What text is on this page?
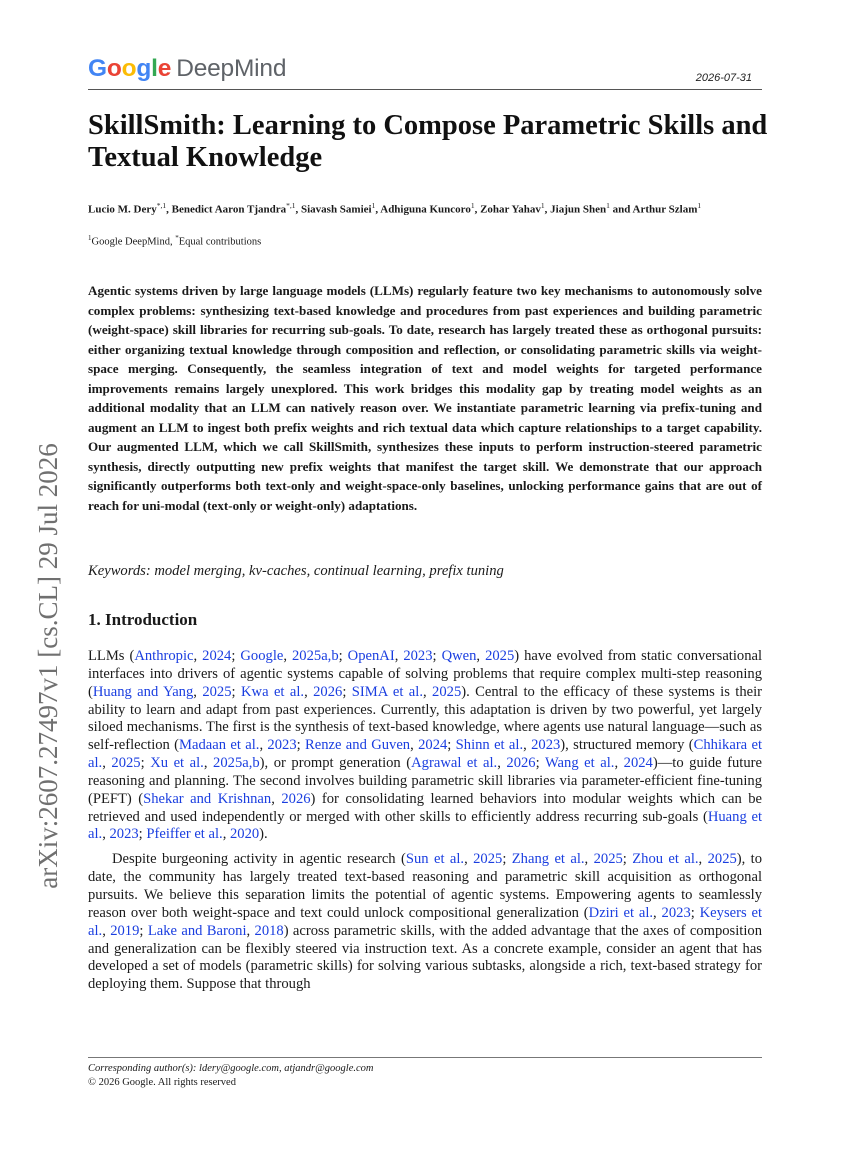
Google DeepMind	2026-07-31
arXiv:2607.27497v1 [cs.CL] 29 Jul 2026
SkillSmith: Learning to Compose Parametric Skills and Textual Knowledge
Lucio M. Dery$^{*,1}$, Benedict Aaron Tjandra$^{*,1}$, Siavash Samiei$^1$, Adhiguna Kuncoro$^1$, Zohar Yahav$^1$, Jiajun Shen$^1$ and Arthur Szlam$^1$
$^1$Google DeepMind, *Equal contributions

Agentic systems driven by large language models (LLMs) regularly feature two key mechanisms to autonomously solve complex problems: synthesizing text-based knowledge and procedures from past experiences and building parametric (weight-space) skill libraries for recurring sub-goals. To date, research has largely treated these as orthogonal pursuits: either organizing textual knowledge through composition and reflection, or consolidating parametric skills via weight-space merging. Consequently, the seamless integration of text and model weights for targeted performance improvements remains largely unexplored. This work bridges this modality gap by treating model weights as an additional modality that an LLM can natively reason over. We instantiate parametric learning via prefix-tuning and augment an LLM to ingest both prefix weights and rich textual data which capture relationships to a target capability. Our augmented LLM, which we call SkillSmith, synthesizes these inputs to perform instruction-steered parametric synthesis, directly outputting new prefix weights that manifest the target skill. We demonstrate that our approach significantly outperforms both text-only and weight-space-only baselines, unlocking performance gains that are out of reach for uni-modal (text-only or weight-only) adaptations.

Keywords: model merging, kv-caches, continual learning, prefix tuning
1. Introduction

LLMs (Anthropic, 2024; Google, 2025a,b; OpenAI, 2023; Qwen, 2025) have evolved from static conversational interfaces into drivers of agentic systems capable of solving problems that require complex multi-step reasoning (Huang and Yang, 2025; Kwa et al., 2026; SIMA et al., 2025). Central to the efficacy of these systems is their ability to learn and adapt from past experiences. Currently, this adaptation is driven by two powerful, yet largely siloed mechanisms. The first is the synthesis of text-based knowledge, where agents use natural language—such as self-reflection (Madaan et al., 2023; Renze and Guven, 2024; Shinn et al., 2023), structured memory (Chhikara et al., 2025; Xu et al., 2025a,b), or prompt generation (Agrawal et al., 2026; Wang et al., 2024)—to guide future reasoning and planning. The second involves building parametric skill libraries via parameter-efficient fine-tuning (PEFT) (Shekar and Krishnan, 2026) for consolidating learned behaviors into modular weights which can be retrieved and used independently or merged with other skills to efficiently address recurring sub-goals (Huang et al., 2023; Pfeiffer et al., 2020).

Despite burgeoning activity in agentic research (Sun et al., 2025; Zhang et al., 2025; Zhou et al., 2025), to date, the community has largely treated text-based reasoning and parametric skill acquisition as orthogonal pursuits. We believe this separation limits the potential of agentic systems. Empowering agents to seamlessly reason over both weight-space and text could unlock compositional generalization (Dziri et al., 2023; Keysers et al., 2019; Lake and Baroni, 2018) across parametric skills, with the added advantage that the axes of composition and generalization can be flexibly steered via instruction text. As a concrete example, consider an agent that has developed a set of models (parametric skills) for solving various subtasks, alongside a rich, text-based strategy for deploying them. Suppose that through

Corresponding author(s): ldery@google.com, atjandr@google.com
© 2026 Google. All rights reserved
